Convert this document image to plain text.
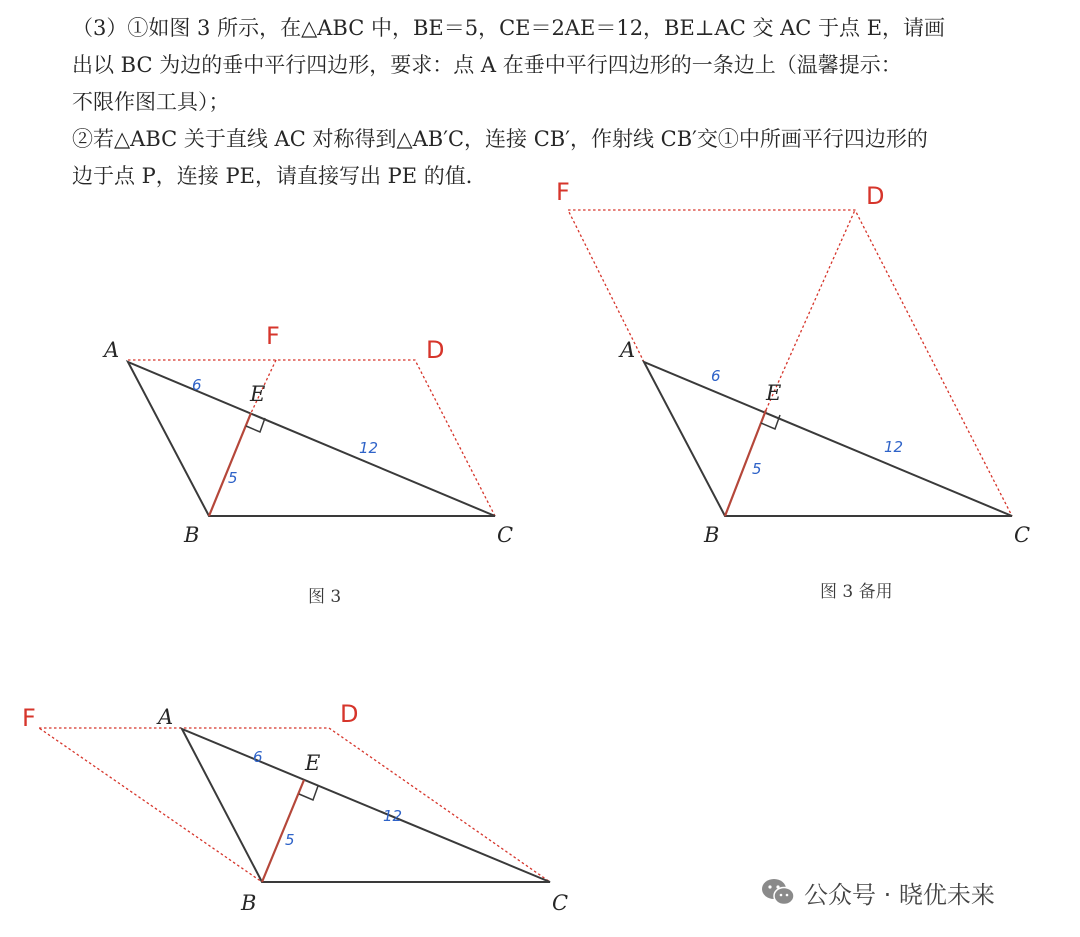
（3）①如图 3 所示，在△ABC 中，BE＝5，CE＝2AE＝12，BE⊥AC 交 AC 于点 E，请画

出以 BC 为边的垂中平行四边形，要求：点 A 在垂中平行四边形的一条边上（温馨提示：

不限作图工具）；

②若△ABC 关于直线 AC 对称得到△AB′C，连接 CB′，作射线 CB′交①中所画平行四边形的

边于点 P，连接 PE，请直接写出 PE 的值．

A
B	C
E
F	D
6
5
12
图 3
A
B	C
E
F	D
6
5
12
图 3 备用
A
B	C
E
F	D
6
5
12
公众号 · 晓优未来
